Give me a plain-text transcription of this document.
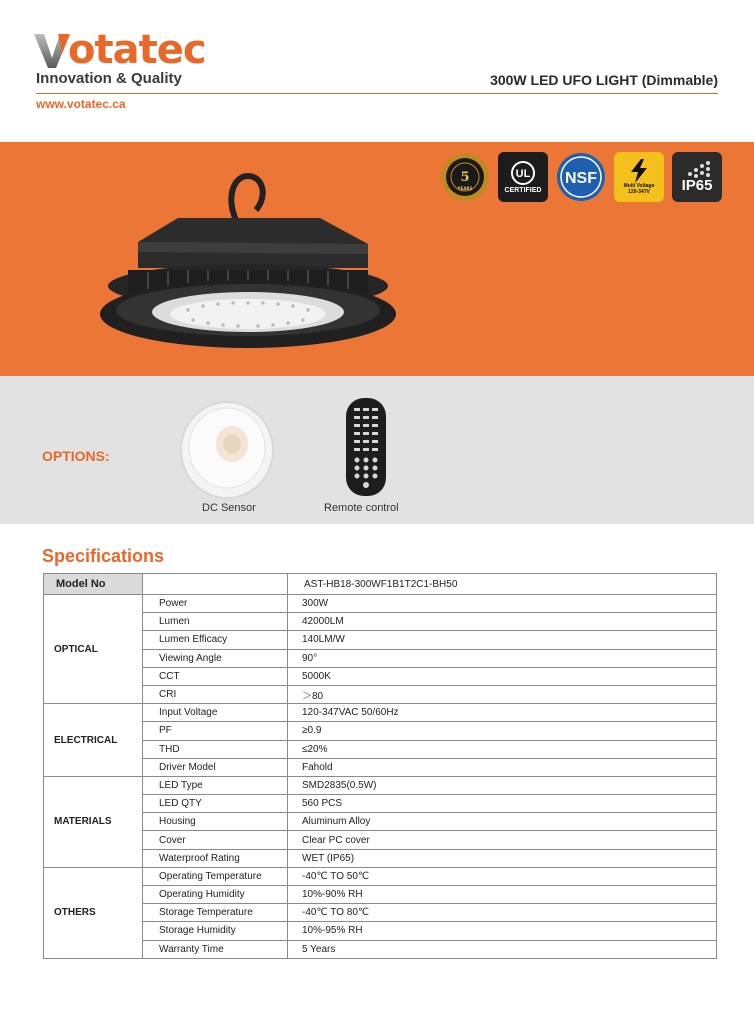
otatec
Innovation & Quality	300W LED UFO LIGHT (Dimmable)
www.votatec.ca
5
YEARS
UL
CERTIFIED
NSF	Multi Voltage
120-347V IP65
OPTIONS:
DC Sensor	Remote control
Specifications
Model No		AST-HB18-300WF1B1T2C1-BH50
OPTICAL	Power	300W
	Lumen	42000LM
	Lumen Efficacy	140LM/W
	Viewing Angle	90°
	CCT	5000K
	CRI	＞80
ELECTRICAL	Input Voltage	120-347VAC 50/60Hz
	PF	≥0.9
	THD	≤20%
	Driver Model	Fahold
MATERIALS	LED Type	SMD2835(0.5W)
	LED QTY	560 PCS
	Housing	Aluminum Alloy
	Cover	Clear PC cover
	Waterproof Rating	WET (IP65)
OTHERS	Operating Temperature	-40℃ TO 50℃
	Operating Humidity	10%-90% RH
	Storage Temperature	-40℃ TO 80℃
	Storage Humidity	10%-95% RH
	Warranty Time	5 Years
